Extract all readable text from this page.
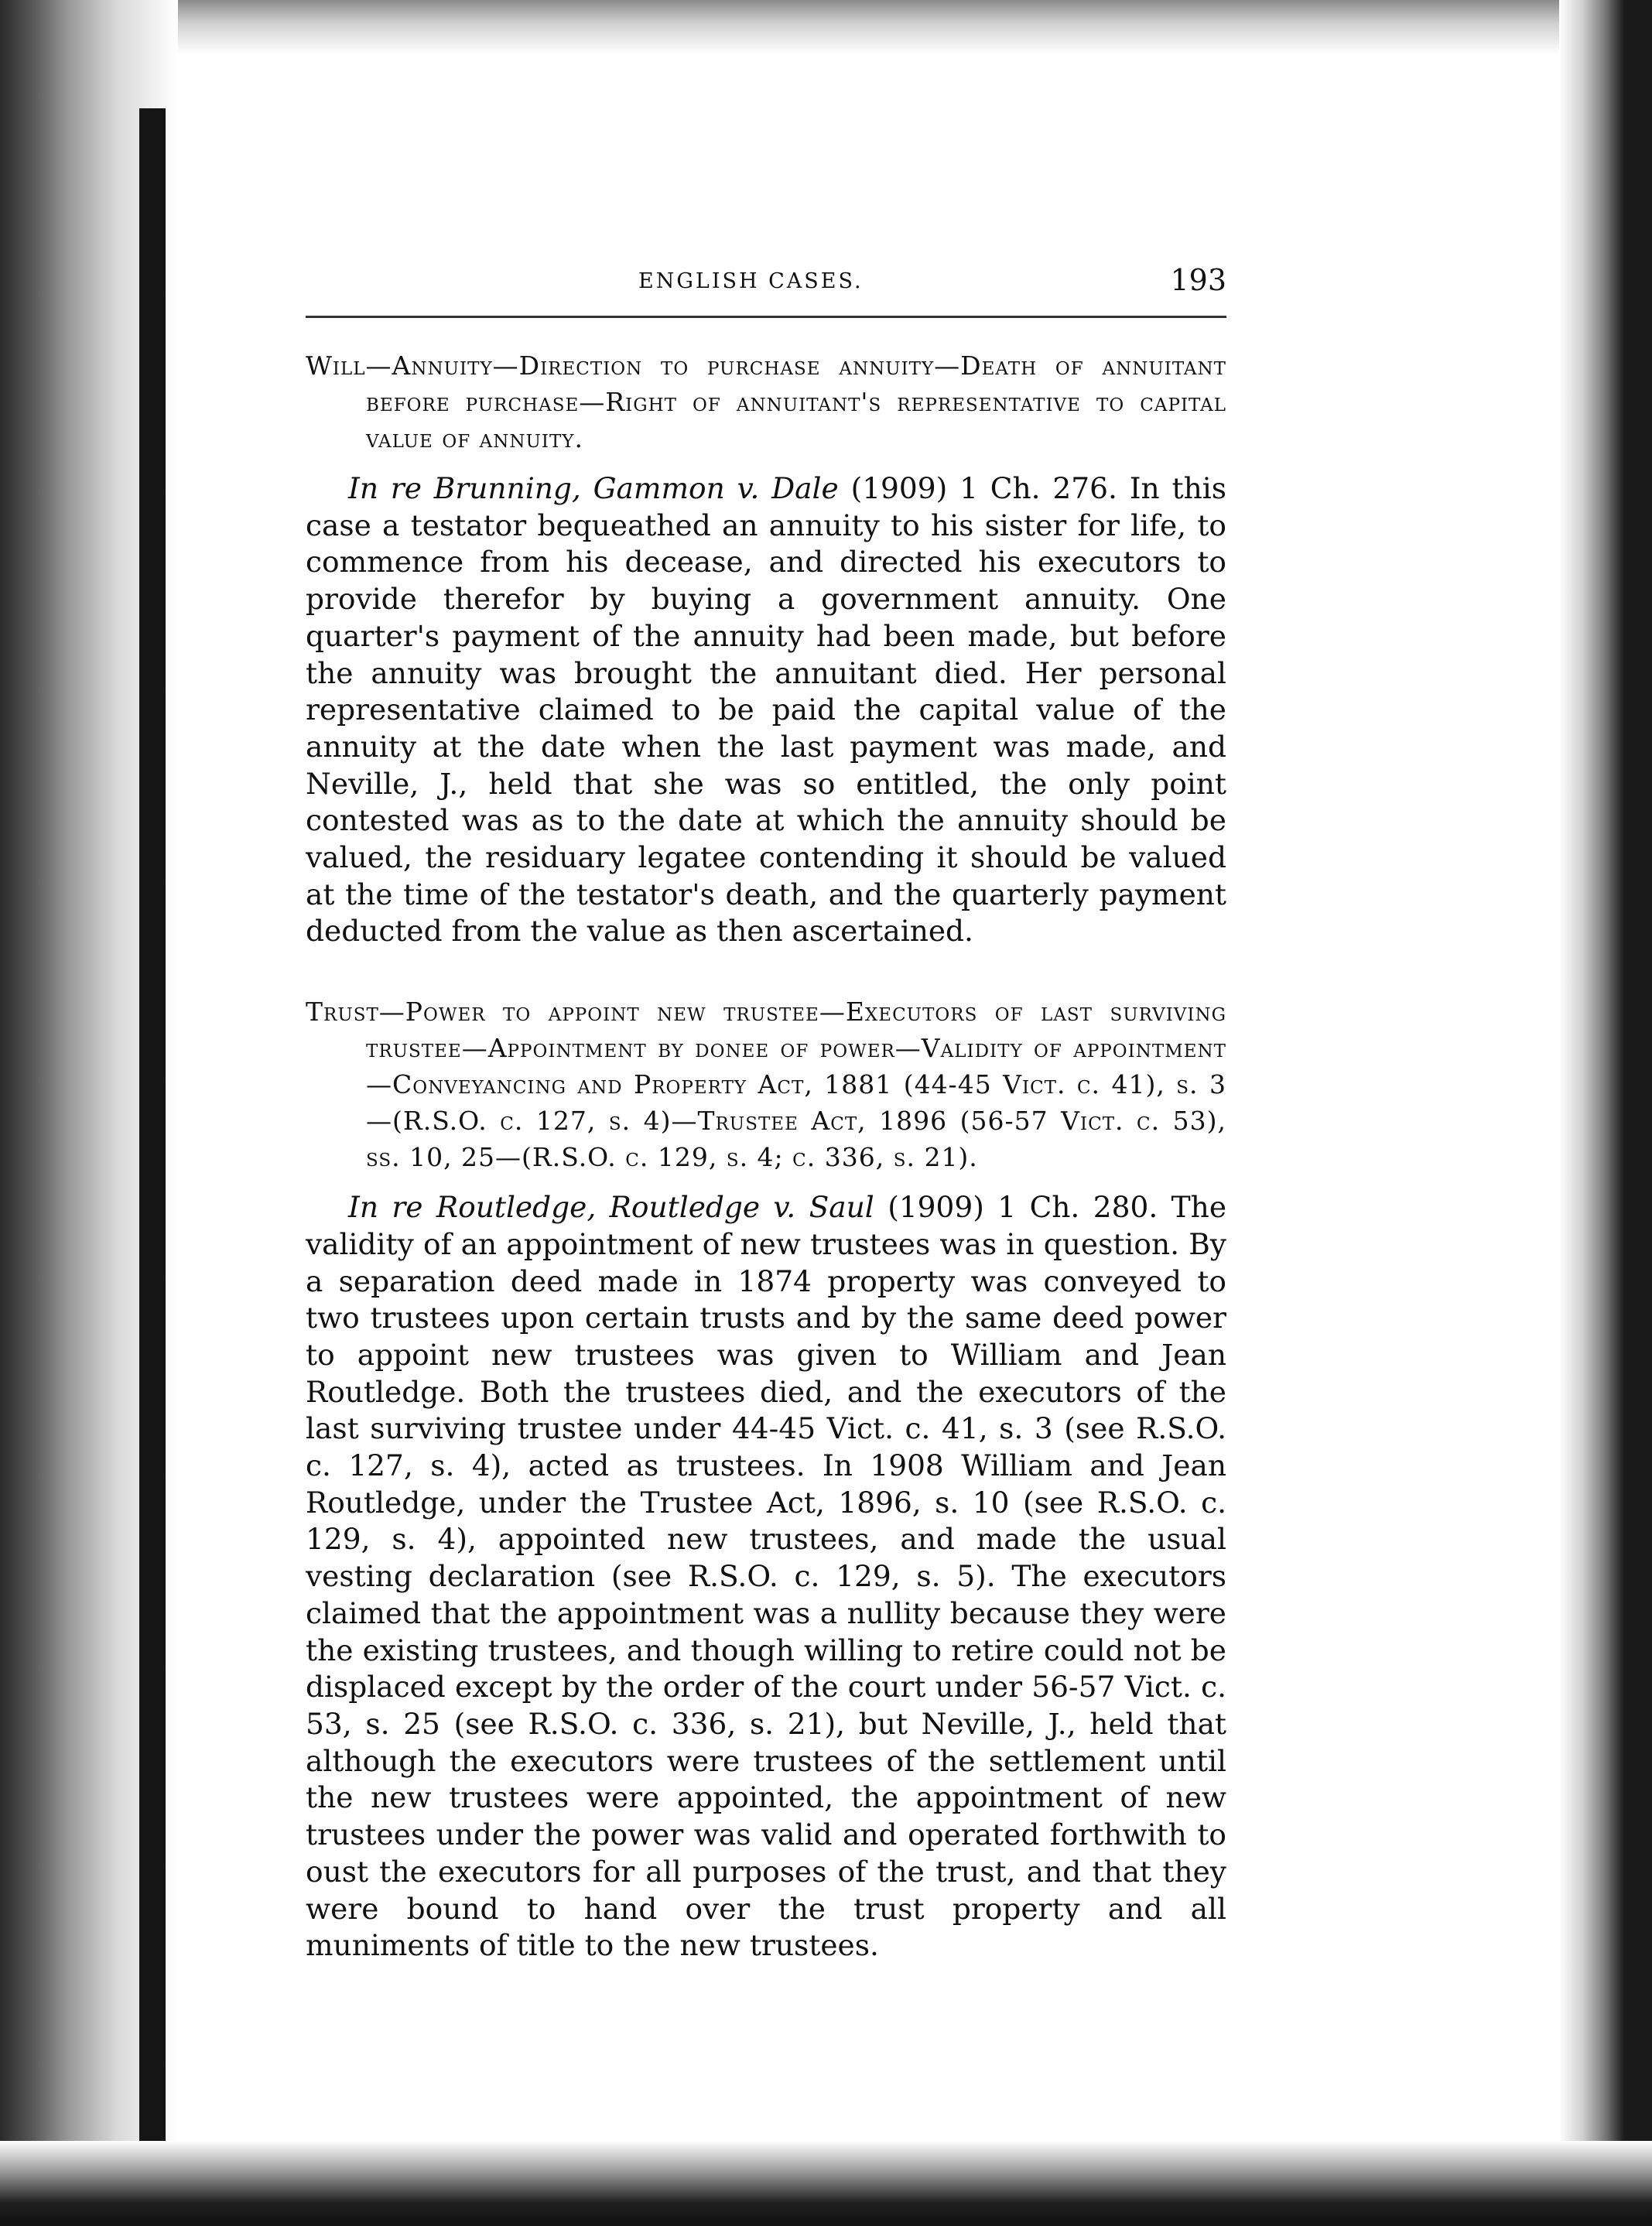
ENGLISH CASES.	193

Will—Annuity—Direction to purchase annuity—Death of annuitant before purchase—Right of annuitant's representative to capital value of annuity.

In re Brunning, Gammon v. Dale (1909) 1 Ch. 276. In this case a testator bequeathed an annuity to his sister for life, to commence from his decease, and directed his executors to provide therefor by buying a government annuity. One quarter's payment of the annuity had been made, but before the annuity was brought the annuitant died. Her personal representative claimed to be paid the capital value of the annuity at the date when the last payment was made, and Neville, J., held that she was so entitled, the only point contested was as to the date at which the annuity should be valued, the residuary legatee contending it should be valued at the time of the testator's death, and the quarterly payment deducted from the value as then ascertained.

Trust—Power to appoint new trustee—Executors of last surviving trustee—Appointment by donee of power—Validity of appointment—Conveyancing and Property Act, 1881 (44-45 Vict. c. 41), s. 3—(R.S.O. c. 127, s. 4)—Trustee Act, 1896 (56-57 Vict. c. 53), ss. 10, 25—(R.S.O. c. 129, s. 4; c. 336, s. 21).

In re Routledge, Routledge v. Saul (1909) 1 Ch. 280. The validity of an appointment of new trustees was in question. By a separation deed made in 1874 property was conveyed to two trustees upon certain trusts and by the same deed power to appoint new trustees was given to William and Jean Routledge. Both the trustees died, and the executors of the last surviving trustee under 44-45 Vict. c. 41, s. 3 (see R.S.O. c. 127, s. 4), acted as trustees. In 1908 William and Jean Routledge, under the Trustee Act, 1896, s. 10 (see R.S.O. c. 129, s. 4), appointed new trustees, and made the usual vesting declaration (see R.S.O. c. 129, s. 5). The executors claimed that the appointment was a nullity because they were the existing trustees, and though willing to retire could not be displaced except by the order of the court under 56-57 Vict. c. 53, s. 25 (see R.S.O. c. 336, s. 21), but Neville, J., held that although the executors were trustees of the settlement until the new trustees were appointed, the appointment of new trustees under the power was valid and operated forthwith to oust the executors for all purposes of the trust, and that they were bound to hand over the trust property and all muniments of title to the new trustees.
